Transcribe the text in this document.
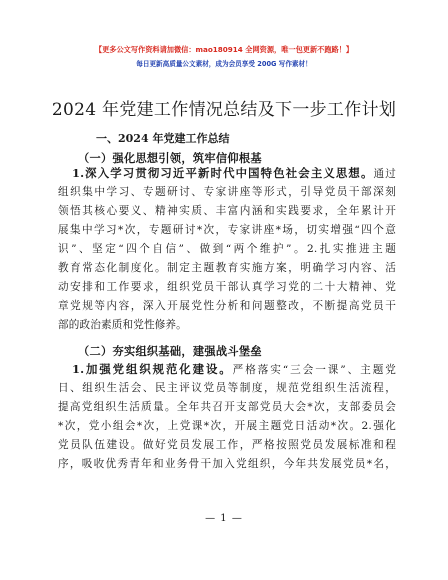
【更多公文写作资料请加微信：mao180914 全网资源，唯一包更新不跑路！】
每日更新高质量公文素材，成为会员享受 200G 写作素材！
2024 年党建工作情况总结及下一步工作计划
一、2024 年党建工作总结
（一）强化思想引领，筑牢信仰根基
1.深入学习贯彻习近平新时代中国特色社会主义思想。通过
组织集中学习、专题研讨、专家讲座等形式，引导党员干部深刻
领悟其核心要义、精神实质、丰富内涵和实践要求，全年累计开
展集中学习*次，专题研讨*次，专家讲座*场，切实增强“四个意
识”、坚定“四个自信”、做到“两个维护”。2.扎实推进主题
教育常态化制度化。制定主题教育实施方案，明确学习内容、活
动安排和工作要求，组织党员干部认真学习党的二十大精神、党
章党规等内容，深入开展党性分析和问题整改，不断提高党员干
部的政治素质和党性修养。
（二）夯实组织基础，建强战斗堡垒
1.加强党组织规范化建设。严格落实“三会一课”、主题党
日、组织生活会、民主评议党员等制度，规范党组织生活流程，
提高党组织生活质量。全年共召开支部党员大会*次，支部委员会
*次，党小组会*次，上党课*次，开展主题党日活动*次。2.强化
党员队伍建设。做好党员发展工作，严格按照党员发展标准和程
序，吸收优秀青年和业务骨干加入党组织，今年共发展党员*名，
— 1 —
